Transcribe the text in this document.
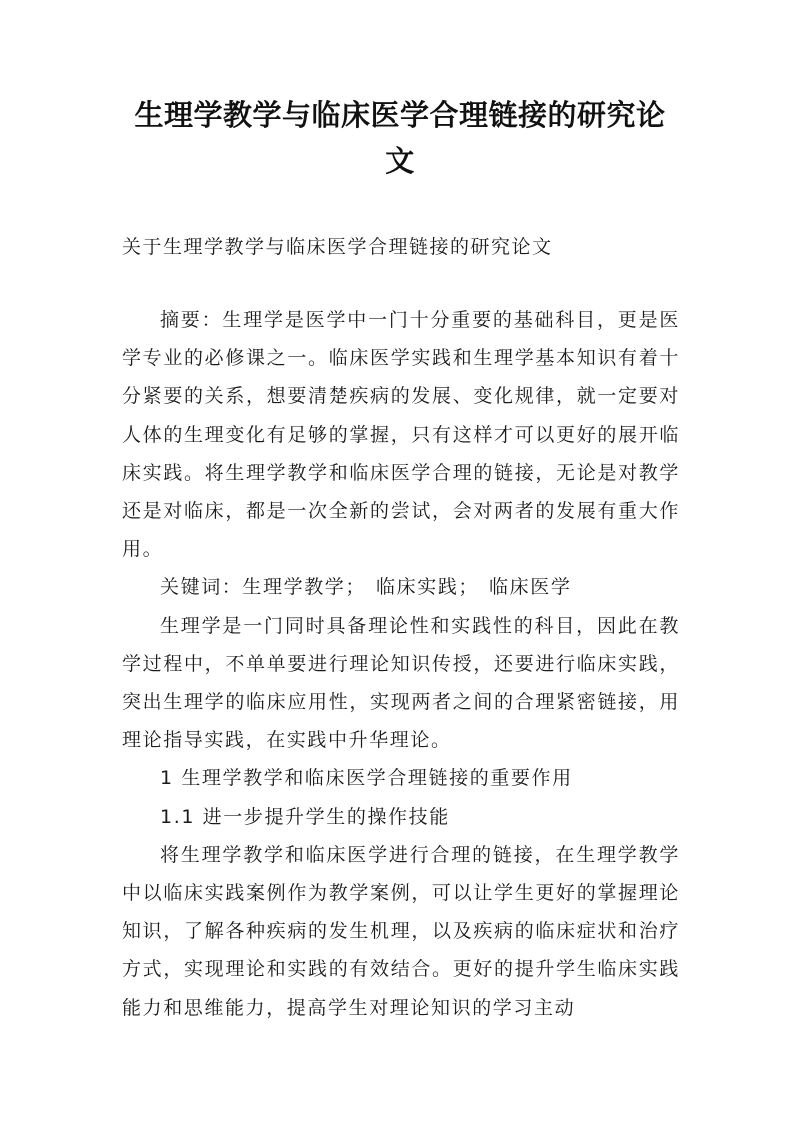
生理学教学与临床医学合理链接的研究论文
关于生理学教学与临床医学合理链接的研究论文

摘要：生理学是医学中一门十分重要的基础科目，更是医学专业的必修课之一。临床医学实践和生理学基本知识有着十分紧要的关系，想要清楚疾病的发展、变化规律，就一定要对人体的生理变化有足够的掌握，只有这样才可以更好的展开临床实践。将生理学教学和临床医学合理的链接，无论是对教学还是对临床，都是一次全新的尝试，会对两者的发展有重大作用。

关键词：生理学教学； 临床实践； 临床医学

生理学是一门同时具备理论性和实践性的科目，因此在教学过程中，不单单要进行理论知识传授，还要进行临床实践，突出生理学的临床应用性，实现两者之间的合理紧密链接，用理论指导实践，在实践中升华理论。

1 生理学教学和临床医学合理链接的重要作用

1.1 进一步提升学生的操作技能

将生理学教学和临床医学进行合理的链接，在生理学教学中以临床实践案例作为教学案例，可以让学生更好的掌握理论知识，了解各种疾病的发生机理，以及疾病的临床症状和治疗方式，实现理论和实践的有效结合。更好的提升学生临床实践能力和思维能力，提高学生对理论知识的学习主动
